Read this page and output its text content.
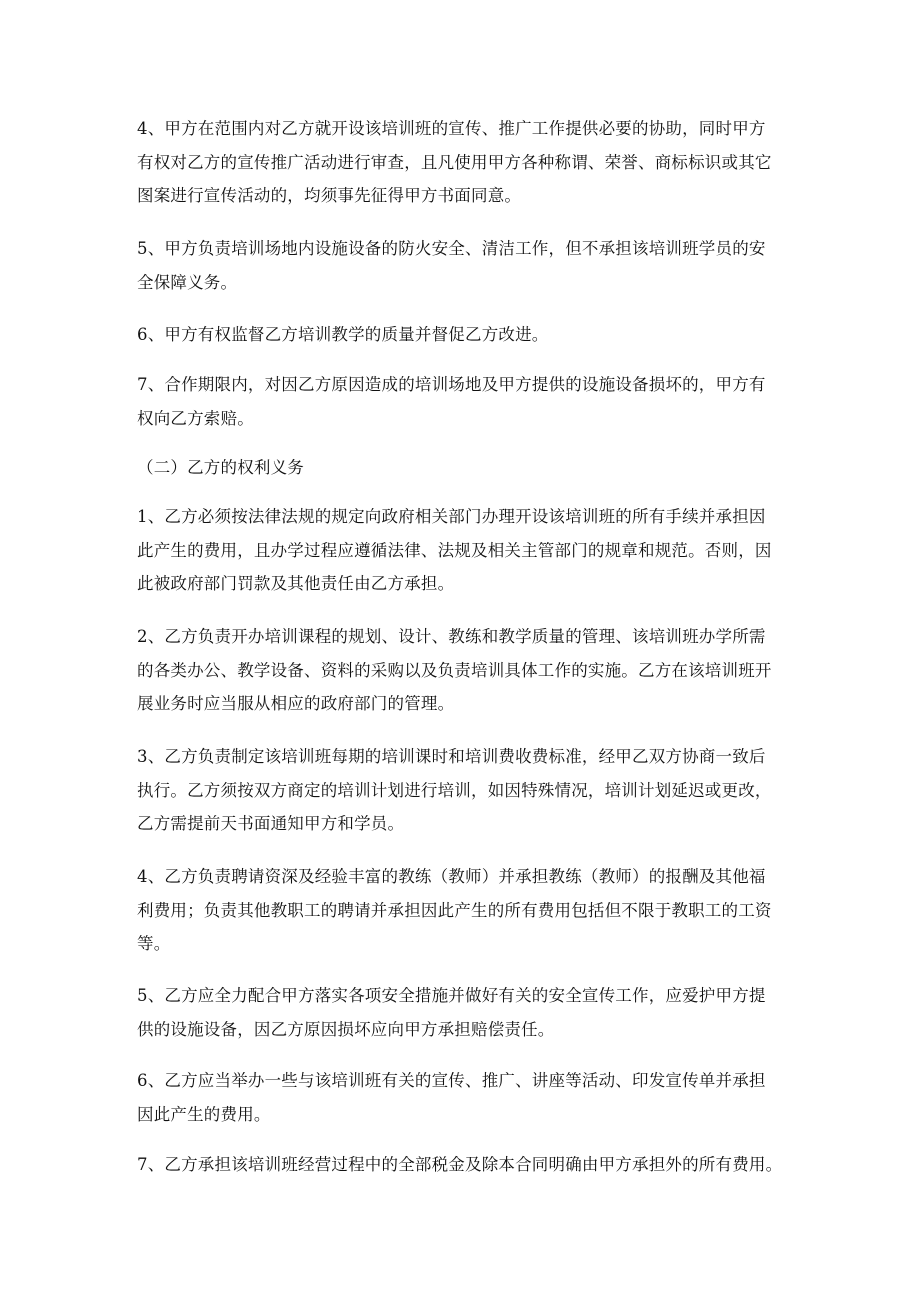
4、甲方在范围内对乙方就开设该培训班的宣传、推广工作提供必要的协助，同时甲方
有权对乙方的宣传推广活动进行审查，且凡使用甲方各种称谓、荣誉、商标标识或其它
图案进行宣传活动的，均须事先征得甲方书面同意。
5、甲方负责培训场地内设施设备的防火安全、清洁工作，但不承担该培训班学员的安
全保障义务。
6、甲方有权监督乙方培训教学的质量并督促乙方改进。
7、合作期限内，对因乙方原因造成的培训场地及甲方提供的设施设备损坏的，甲方有
权向乙方索赔。
（二）乙方的权利义务
1、乙方必须按法律法规的规定向政府相关部门办理开设该培训班的所有手续并承担因
此产生的费用，且办学过程应遵循法律、法规及相关主管部门的规章和规范。否则，因
此被政府部门罚款及其他责任由乙方承担。
2、乙方负责开办培训课程的规划、设计、教练和教学质量的管理、该培训班办学所需
的各类办公、教学设备、资料的采购以及负责培训具体工作的实施。乙方在该培训班开
展业务时应当服从相应的政府部门的管理。
3、乙方负责制定该培训班每期的培训课时和培训费收费标准，经甲乙双方协商一致后
执行。乙方须按双方商定的培训计划进行培训，如因特殊情况，培训计划延迟或更改，
乙方需提前天书面通知甲方和学员。
4、乙方负责聘请资深及经验丰富的教练（教师）并承担教练（教师）的报酬及其他福
利费用；负责其他教职工的聘请并承担因此产生的所有费用包括但不限于教职工的工资
等。
5、乙方应全力配合甲方落实各项安全措施并做好有关的安全宣传工作，应爱护甲方提
供的设施设备，因乙方原因损坏应向甲方承担赔偿责任。
6、乙方应当举办一些与该培训班有关的宣传、推广、讲座等活动、印发宣传单并承担
因此产生的费用。
7、乙方承担该培训班经营过程中的全部税金及除本合同明确由甲方承担外的所有费用。
